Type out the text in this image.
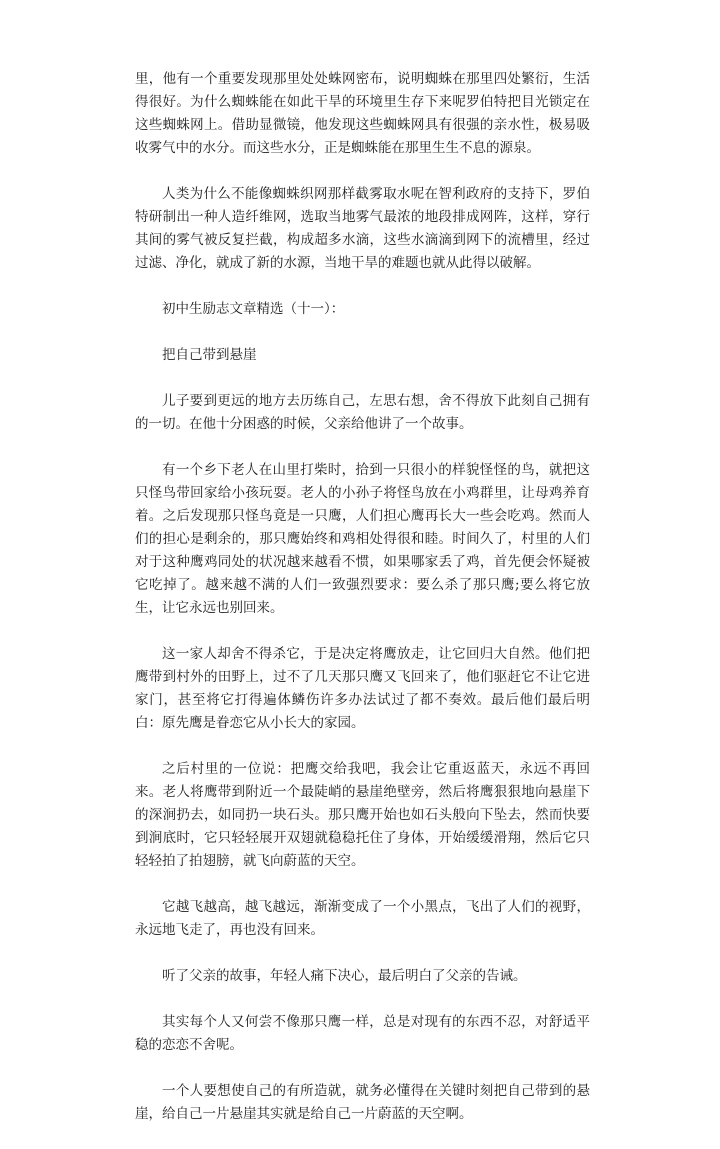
里，他有一个重要发现那里处处蛛网密布，说明蜘蛛在那里四处繁衍，生活得很好。为什么蜘蛛能在如此干旱的环境里生存下来呢罗伯特把目光锁定在这些蜘蛛网上。借助显微镜，他发现这些蜘蛛网具有很强的亲水性，极易吸收雾气中的水分。而这些水分，正是蜘蛛能在那里生生不息的源泉。

人类为什么不能像蜘蛛织网那样截雾取水呢在智利政府的支持下，罗伯特研制出一种人造纤维网，选取当地雾气最浓的地段排成网阵，这样，穿行其间的雾气被反复拦截，构成超多水滴，这些水滴滴到网下的流槽里，经过过滤、净化，就成了新的水源，当地干旱的难题也就从此得以破解。

初中生励志文章精选（十一）：

把自己带到悬崖

儿子要到更远的地方去历练自己，左思右想，舍不得放下此刻自己拥有的一切。在他十分困惑的时候，父亲给他讲了一个故事。

有一个乡下老人在山里打柴时，拾到一只很小的样貌怪怪的鸟，就把这只怪鸟带回家给小孩玩耍。老人的小孙子将怪鸟放在小鸡群里，让母鸡养育着。之后发现那只怪鸟竟是一只鹰，人们担心鹰再长大一些会吃鸡。然而人们的担心是剩余的，那只鹰始终和鸡相处得很和睦。时间久了，村里的人们对于这种鹰鸡同处的状况越来越看不惯，如果哪家丢了鸡，首先便会怀疑被它吃掉了。越来越不满的人们一致强烈要求：要么杀了那只鹰;要么将它放生，让它永远也别回来。

这一家人却舍不得杀它，于是决定将鹰放走，让它回归大自然。他们把鹰带到村外的田野上，过不了几天那只鹰又飞回来了，他们驱赶它不让它进家门，甚至将它打得遍体鳞伤许多办法试过了都不奏效。最后他们最后明白：原先鹰是眷恋它从小长大的家园。

之后村里的一位说：把鹰交给我吧，我会让它重返蓝天，永远不再回来。老人将鹰带到附近一个最陡峭的悬崖绝壁旁，然后将鹰狠狠地向悬崖下的深涧扔去，如同扔一块石头。那只鹰开始也如石头般向下坠去，然而快要到涧底时，它只轻轻展开双翅就稳稳托住了身体，开始缓缓滑翔，然后它只轻轻拍了拍翅膀，就飞向蔚蓝的天空。

它越飞越高，越飞越远，渐渐变成了一个小黑点，飞出了人们的视野，永远地飞走了，再也没有回来。

听了父亲的故事，年轻人痛下决心，最后明白了父亲的告诫。

其实每个人又何尝不像那只鹰一样，总是对现有的东西不忍，对舒适平稳的恋恋不舍呢。

一个人要想使自己的有所造就，就务必懂得在关键时刻把自己带到的悬崖，给自己一片悬崖其实就是给自己一片蔚蓝的天空啊。
